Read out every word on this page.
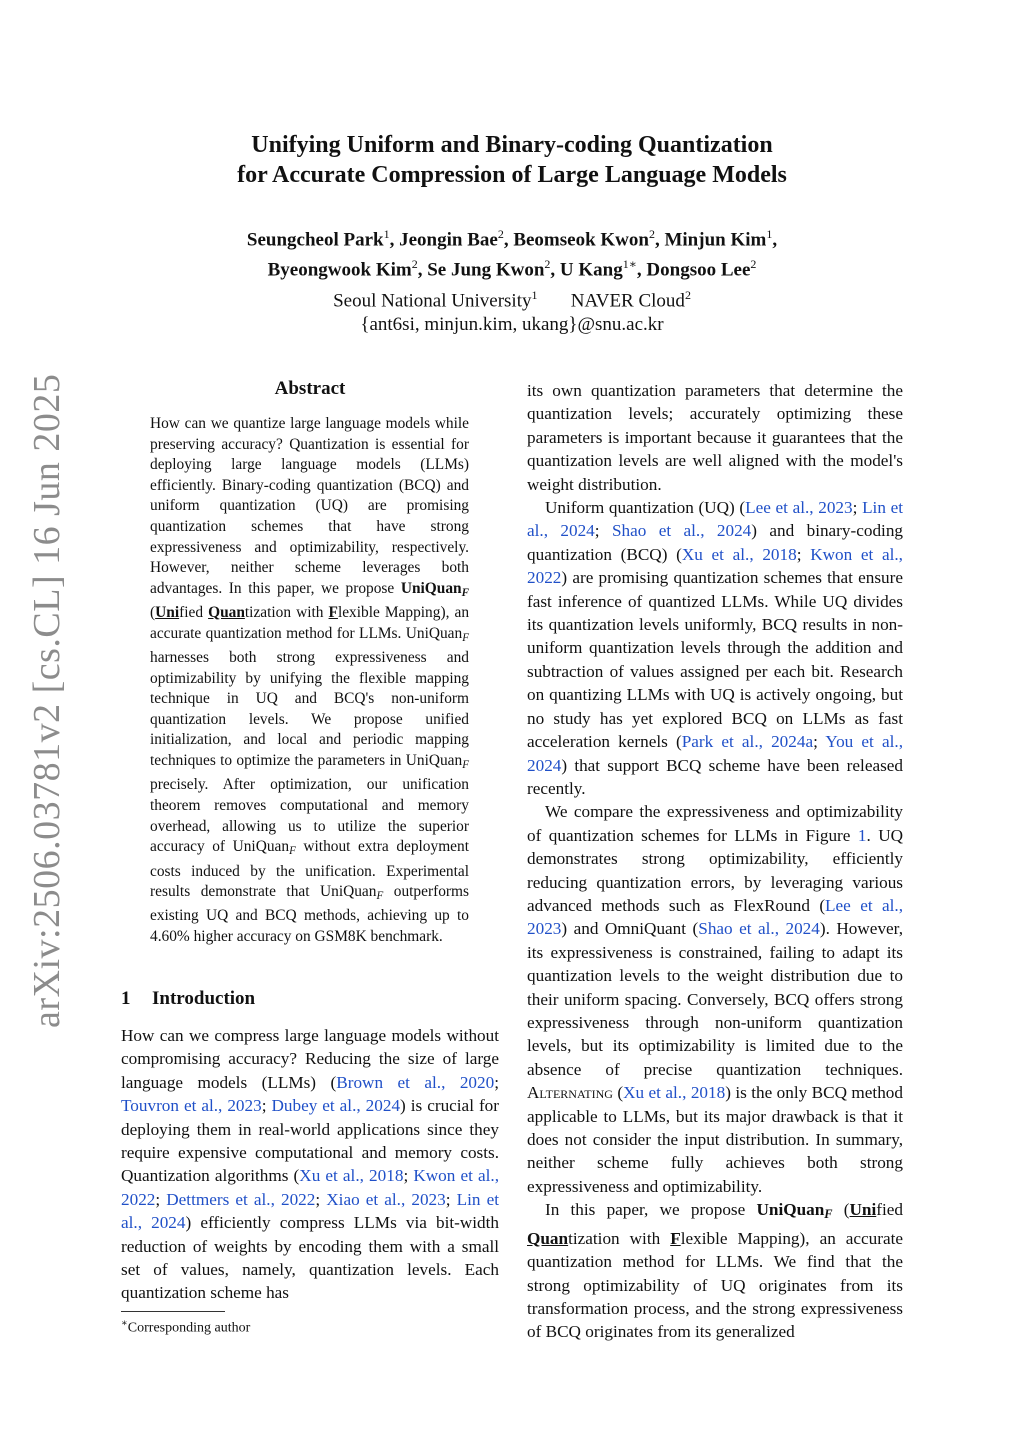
Unifying Uniform and Binary-coding Quantization
for Accurate Compression of Large Language Models
Seungcheol Park$^1$, Jeongin Bae$^2$, Beomseok Kwon$^2$, Minjun Kim$^1$,
Byeongwook Kim$^2$, Se Jung Kwon$^2$, U Kang$^{1∗}$, Dongsoo Lee$^2$
Seoul National University$^1$ NAVER Cloud$^2$
{ant6si, minjun.kim, ukang}@snu.ac.kr
arXiv:2506.03781v2 [cs.CL] 16 Jun 2025	Abstract
How can we quantize large language models while preserving accuracy? Quantization is essential for deploying large language models (LLMs) efficiently. Binary-coding quantization (BCQ) and uniform quantization (UQ) are promising quantization schemes that have strong expressiveness and optimizability, respectively. However, neither scheme leverages both advantages. In this paper, we propose UniQuanF (Unified Quantization with Flexible Mapping), an accurate quantization method for LLMs. UniQuanF harnesses both strong expressiveness and optimizability by unifying the flexible mapping technique in UQ and BCQ's non-uniform quantization levels. We propose unified initialization, and local and periodic mapping techniques to optimize the parameters in UniQuanF precisely. After optimization, our unification theorem removes computational and memory overhead, allowing us to utilize the superior accuracy of UniQuanF without extra deployment costs induced by the unification. Experimental results demonstrate that UniQuanF outperforms existing UQ and BCQ methods, achieving up to 4.60% higher accuracy on GSM8K benchmark.
1 Introduction

How can we compress large language models without compromising accuracy? Reducing the size of large language models (LLMs) (Brown et al., 2020; Touvron et al., 2023; Dubey et al., 2024) is crucial for deploying them in real-world applications since they require expensive computational and memory costs. Quantization algorithms (Xu et al., 2018; Kwon et al., 2022; Dettmers et al., 2022; Xiao et al., 2023; Lin et al., 2024) efficiently compress LLMs via bit-width reduction of weights by encoding them with a small set of values, namely, quantization levels. Each quantization scheme has

its own quantization parameters that determine the quantization levels; accurately optimizing these parameters is important because it guarantees that the quantization levels are well aligned with the model's weight distribution.

Uniform quantization (UQ) (Lee et al., 2023; Lin et al., 2024; Shao et al., 2024) and binary-coding quantization (BCQ) (Xu et al., 2018; Kwon et al., 2022) are promising quantization schemes that ensure fast inference of quantized LLMs. While UQ divides its quantization levels uniformly, BCQ results in non-uniform quantization levels through the addition and subtraction of values assigned per each bit. Research on quantizing LLMs with UQ is actively ongoing, but no study has yet explored BCQ on LLMs as fast acceleration kernels (Park et al., 2024a; You et al., 2024) that support BCQ scheme have been released recently.

We compare the expressiveness and optimizability of quantization schemes for LLMs in Figure 1. UQ demonstrates strong optimizability, efficiently reducing quantization errors, by leveraging various advanced methods such as FlexRound (Lee et al., 2023) and OmniQuant (Shao et al., 2024). However, its expressiveness is constrained, failing to adapt its quantization levels to the weight distribution due to their uniform spacing. Conversely, BCQ offers strong expressiveness through non-uniform quantization levels, but its optimizability is limited due to the absence of precise quantization techniques. Alternating (Xu et al., 2018) is the only BCQ method applicable to LLMs, but its major drawback is that it does not consider the input distribution. In summary, neither scheme fully achieves both strong expressiveness and optimizability.

In this paper, we propose UniQuanF (Unified Quantization with Flexible Mapping), an accurate quantization method for LLMs. We find that the strong optimizability of UQ originates from its transformation process, and the strong expressiveness of BCQ originates from its generalized

∗Corresponding author
